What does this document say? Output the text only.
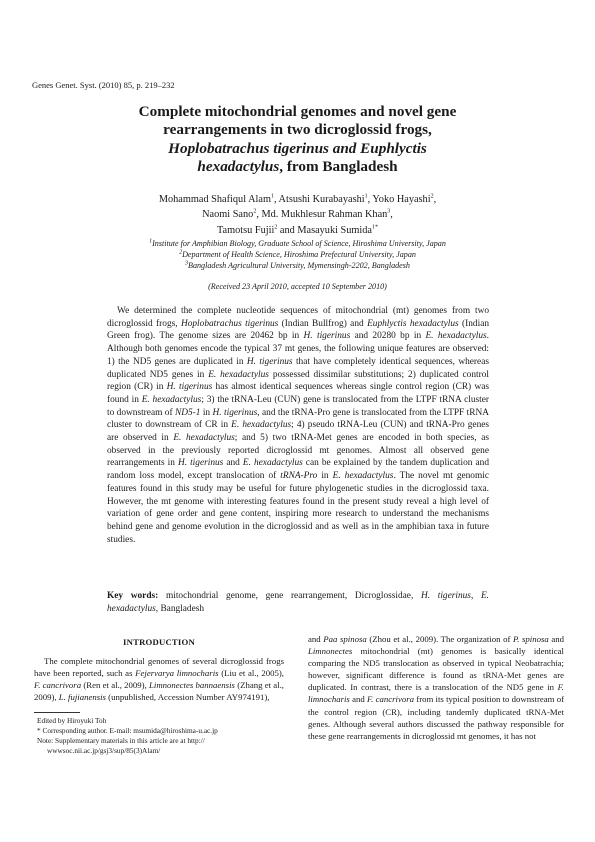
Genes Genet. Syst. (2010) 85, p. 219–232
Complete mitochondrial genomes and novel gene
rearrangements in two dicroglossid frogs,
Hoplobatrachus tigerinus and Euphlyctis
hexadactylus, from Bangladesh
Mohammad Shafiqul Alam$^1$, Atsushi Kurabayashi$^1$, Yoko Hayashi$^2$,
Naomi Sano$^2$, Md. Mukhlesur Rahman Khan$^3$,
Tamotsu Fujii$^2$ and Masayuki Sumida$^{1*}$
$^1$Institute for Amphibian Biology, Graduate School of Science, Hiroshima University, Japan
$^2$Department of Health Science, Hiroshima Prefectural University, Japan
$^3$Bangladesh Agricultural University, Mymensingh-2202, Bangladesh
(Received 23 April 2010, accepted 10 September 2010)
We determined the complete nucleotide sequences of mitochondrial (mt) genomes from two dicroglossid frogs, Hoplobatrachus tigerinus (Indian Bullfrog) and Euphlyctis hexadactylus (Indian Green frog). The genome sizes are 20462 bp in H. tigerinus and 20280 bp in E. hexadactylus. Although both genomes encode the typical 37 mt genes, the following unique features are observed: 1) the ND5 genes are duplicated in H. tigerinus that have completely identical sequences, whereas duplicated ND5 genes in E. hexadactylus possessed dissimilar substitutions; 2) duplicated control region (CR) in H. tigerinus has almost identical sequences whereas single control region (CR) was found in E. hexadactylus; 3) the tRNA-Leu (CUN) gene is translocated from the LTPF tRNA cluster to downstream of ND5-1 in H. tigerinus, and the tRNA-Pro gene is translocated from the LTPF tRNA cluster to downstream of CR in E. hexadactylus; 4) pseudo tRNA-Leu (CUN) and tRNA-Pro genes are observed in E. hexadactylus; and 5) two tRNA-Met genes are encoded in both species, as observed in the previously reported dicroglossid mt genomes. Almost all observed gene rearrangements in H. tigerinus and E. hexadactylus can be explained by the tandem duplication and random loss model, except translocation of tRNA-Pro in E. hexadactylus. The novel mt genomic features found in this study may be useful for future phylogenetic studies in the dicroglossid taxa. However, the mt genome with interesting features found in the present study reveal a high level of variation of gene order and gene content, inspiring more research to understand the mechanisms behind gene and genome evolution in the dicroglossid and as well as in the amphibian taxa in future studies.
Key words: mitochondrial genome, gene rearrangement, Dicroglossidae, H. tigerinus, E. hexadactylus, Bangladesh
INTRODUCTION

The complete mitochondrial genomes of several dicroglossid frogs have been reported, such as Fejervarya limnocharis (Liu et al., 2005), F. cancrivora (Ren et al., 2009), Limnonectes bannaensis (Zhang et al., 2009), L. fujianensis (unpublished, Accession Number AY974191),

Edited by Hiroyuki Toh
* Corresponding author. E-mail: msumida@hiroshima-u.ac.jp
Note: Supplementary materials in this article are at http://
wwwsoc.nii.ac.jp/gsj3/sup/85(3)Alam/

and Paa spinosa (Zhou et al., 2009). The organization of P. spinosa and Limnonectes mitochondrial (mt) genomes is basically identical comparing the ND5 translocation as observed in typical Neobatrachia; however, significant difference is found as tRNA-Met genes are duplicated. In contrast, there is a translocation of the ND5 gene in F. limnocharis and F. cancrivora from its typical position to downstream of the control region (CR), including tandemly duplicated tRNA-Met genes. Although several authors discussed the pathway responsible for these gene rearrangements in dicroglossid mt genomes, it has not
